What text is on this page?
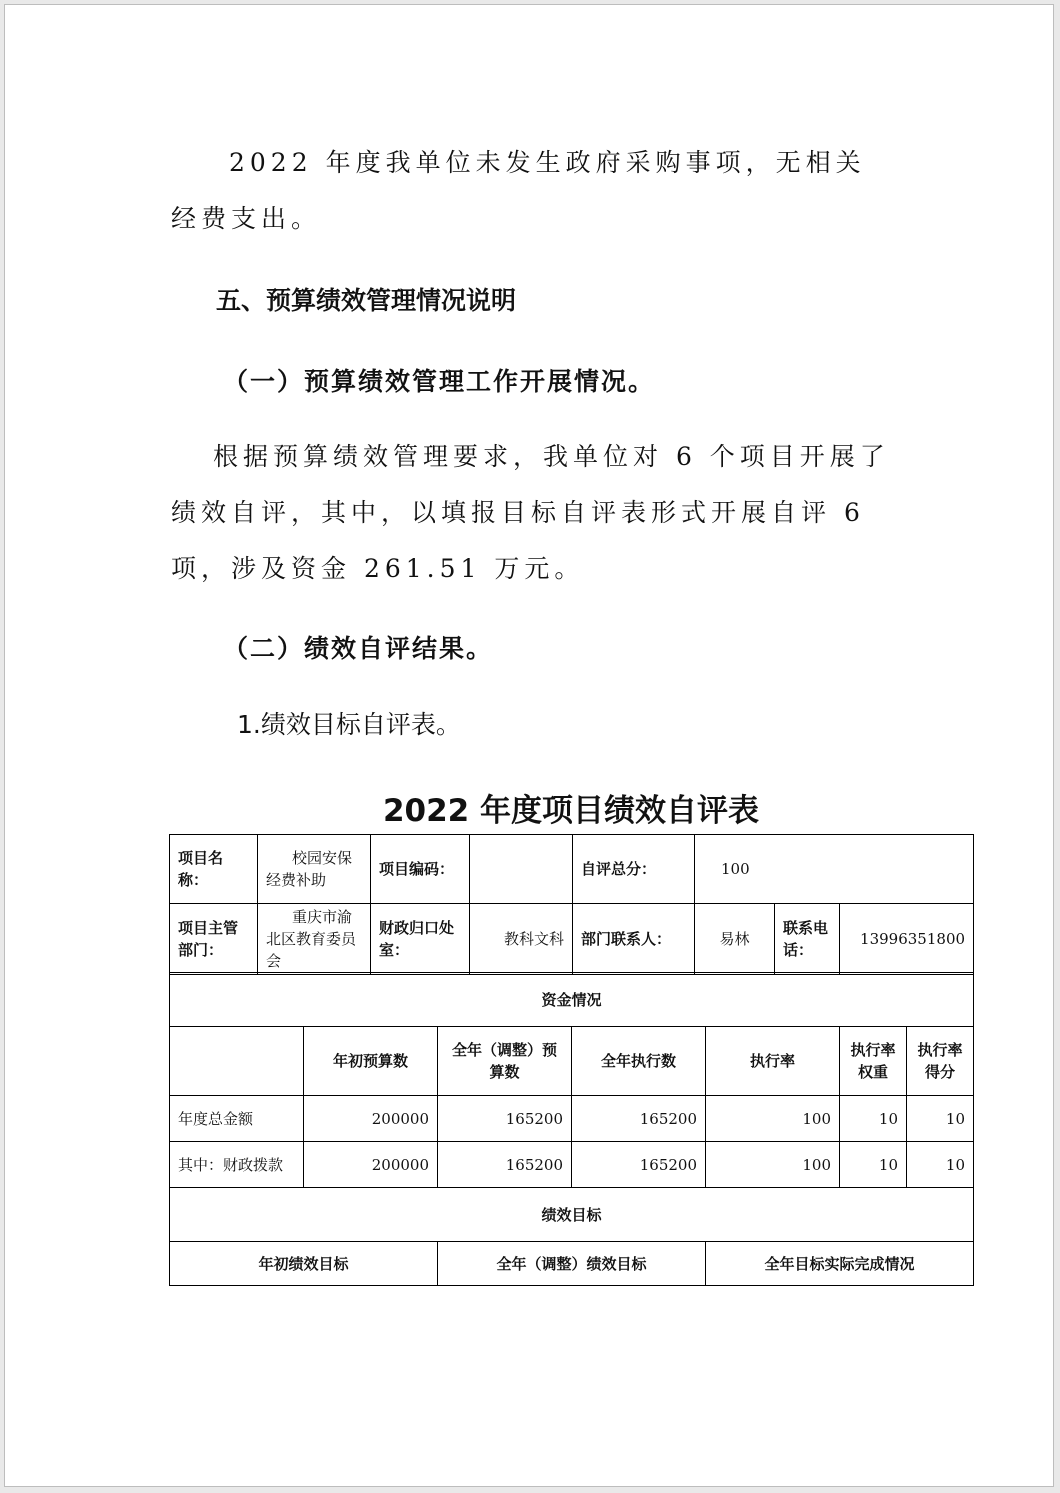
2022 年度我单位未发生政府采购事项，无相关经费支出。

五、预算绩效管理情况说明
（一）预算绩效管理工作开展情况。

根据预算绩效管理要求，我单位对 6 个项目开展了绩效自评，其中，以填报目标自评表形式开展自评 6 项，涉及资金 261.51 万元。

（二）绩效自评结果。

1.绩效目标自评表。

2022 年度项目绩效自评表
项目名称：	校园安保经费补助	项目编码：		自评总分：	100		
项目主管部门：	重庆市渝北区教育委员会	财政归口处室：	教科文科	部门联系人：	易林	联系电话：	13996351800
资金情况						
	年初预算数	全年（调整）预算数	全年执行数	执行率	执行率权重	执行率得分
年度总金额	200000	165200	165200	100	10	10
其中：财政拨款	200000	165200	165200	100	10	10
绩效目标						
年初绩效目标		全年（调整）绩效目标		全年目标实际完成情况		
